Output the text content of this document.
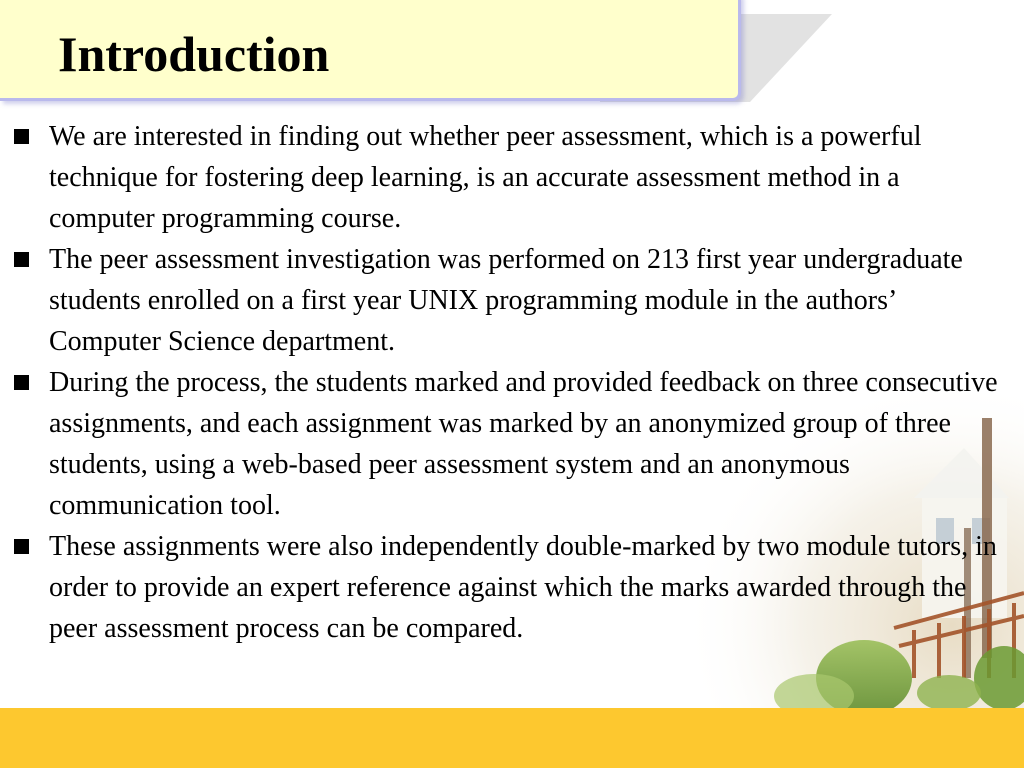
Introduction
We are interested in finding out whether peer assessment, which is a powerful technique for fostering deep learning, is an accurate assessment method in a computer programming course.
The peer assessment investigation was performed on 213 first year undergraduate students enrolled on a first year UNIX programming module in the authors’ Computer Science department.
During the process, the students marked and provided feedback on three consecutive assignments, and each assignment was marked by an anonymized group of three students, using a web-based peer assessment system and an anonymous communication tool.
These assignments were also independently double-marked by two module tutors, in order to provide an expert reference against which the marks awarded through the peer assessment process can be compared.
